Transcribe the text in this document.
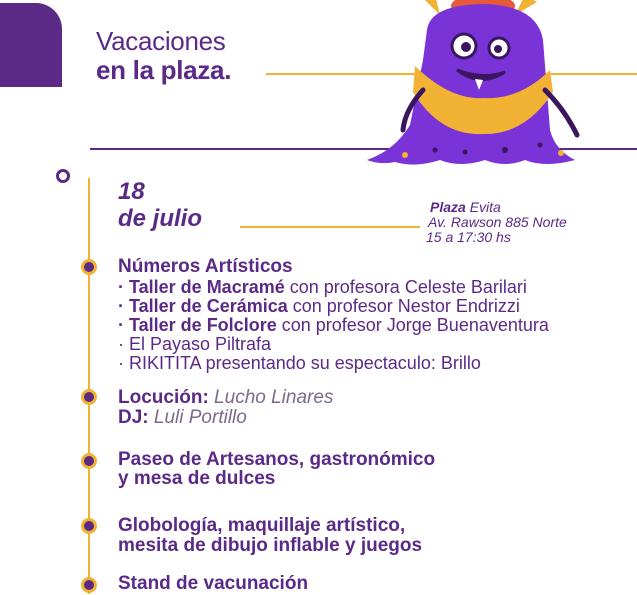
Vacaciones
en la plaza.
18
de julio	Plaza Evita
Av. Rawson 885 Norte
15 a 17:30 hs
Números Artísticos
· Taller de Macramé con profesora Celeste Barilari
· Taller de Cerámica con profesor Nestor Endrizzi
· Taller de Folclore con profesor Jorge Buenaventura
· El Payaso Piltrafa
· RIKITITA presentando su espectaculo: Brillo
Locución: Lucho Linares
DJ: Luli Portillo
Paseo de Artesanos, gastronómico
y mesa de dulces
Globología, maquillaje artístico,
mesita de dibujo inflable y juegos
Stand de vacunación
